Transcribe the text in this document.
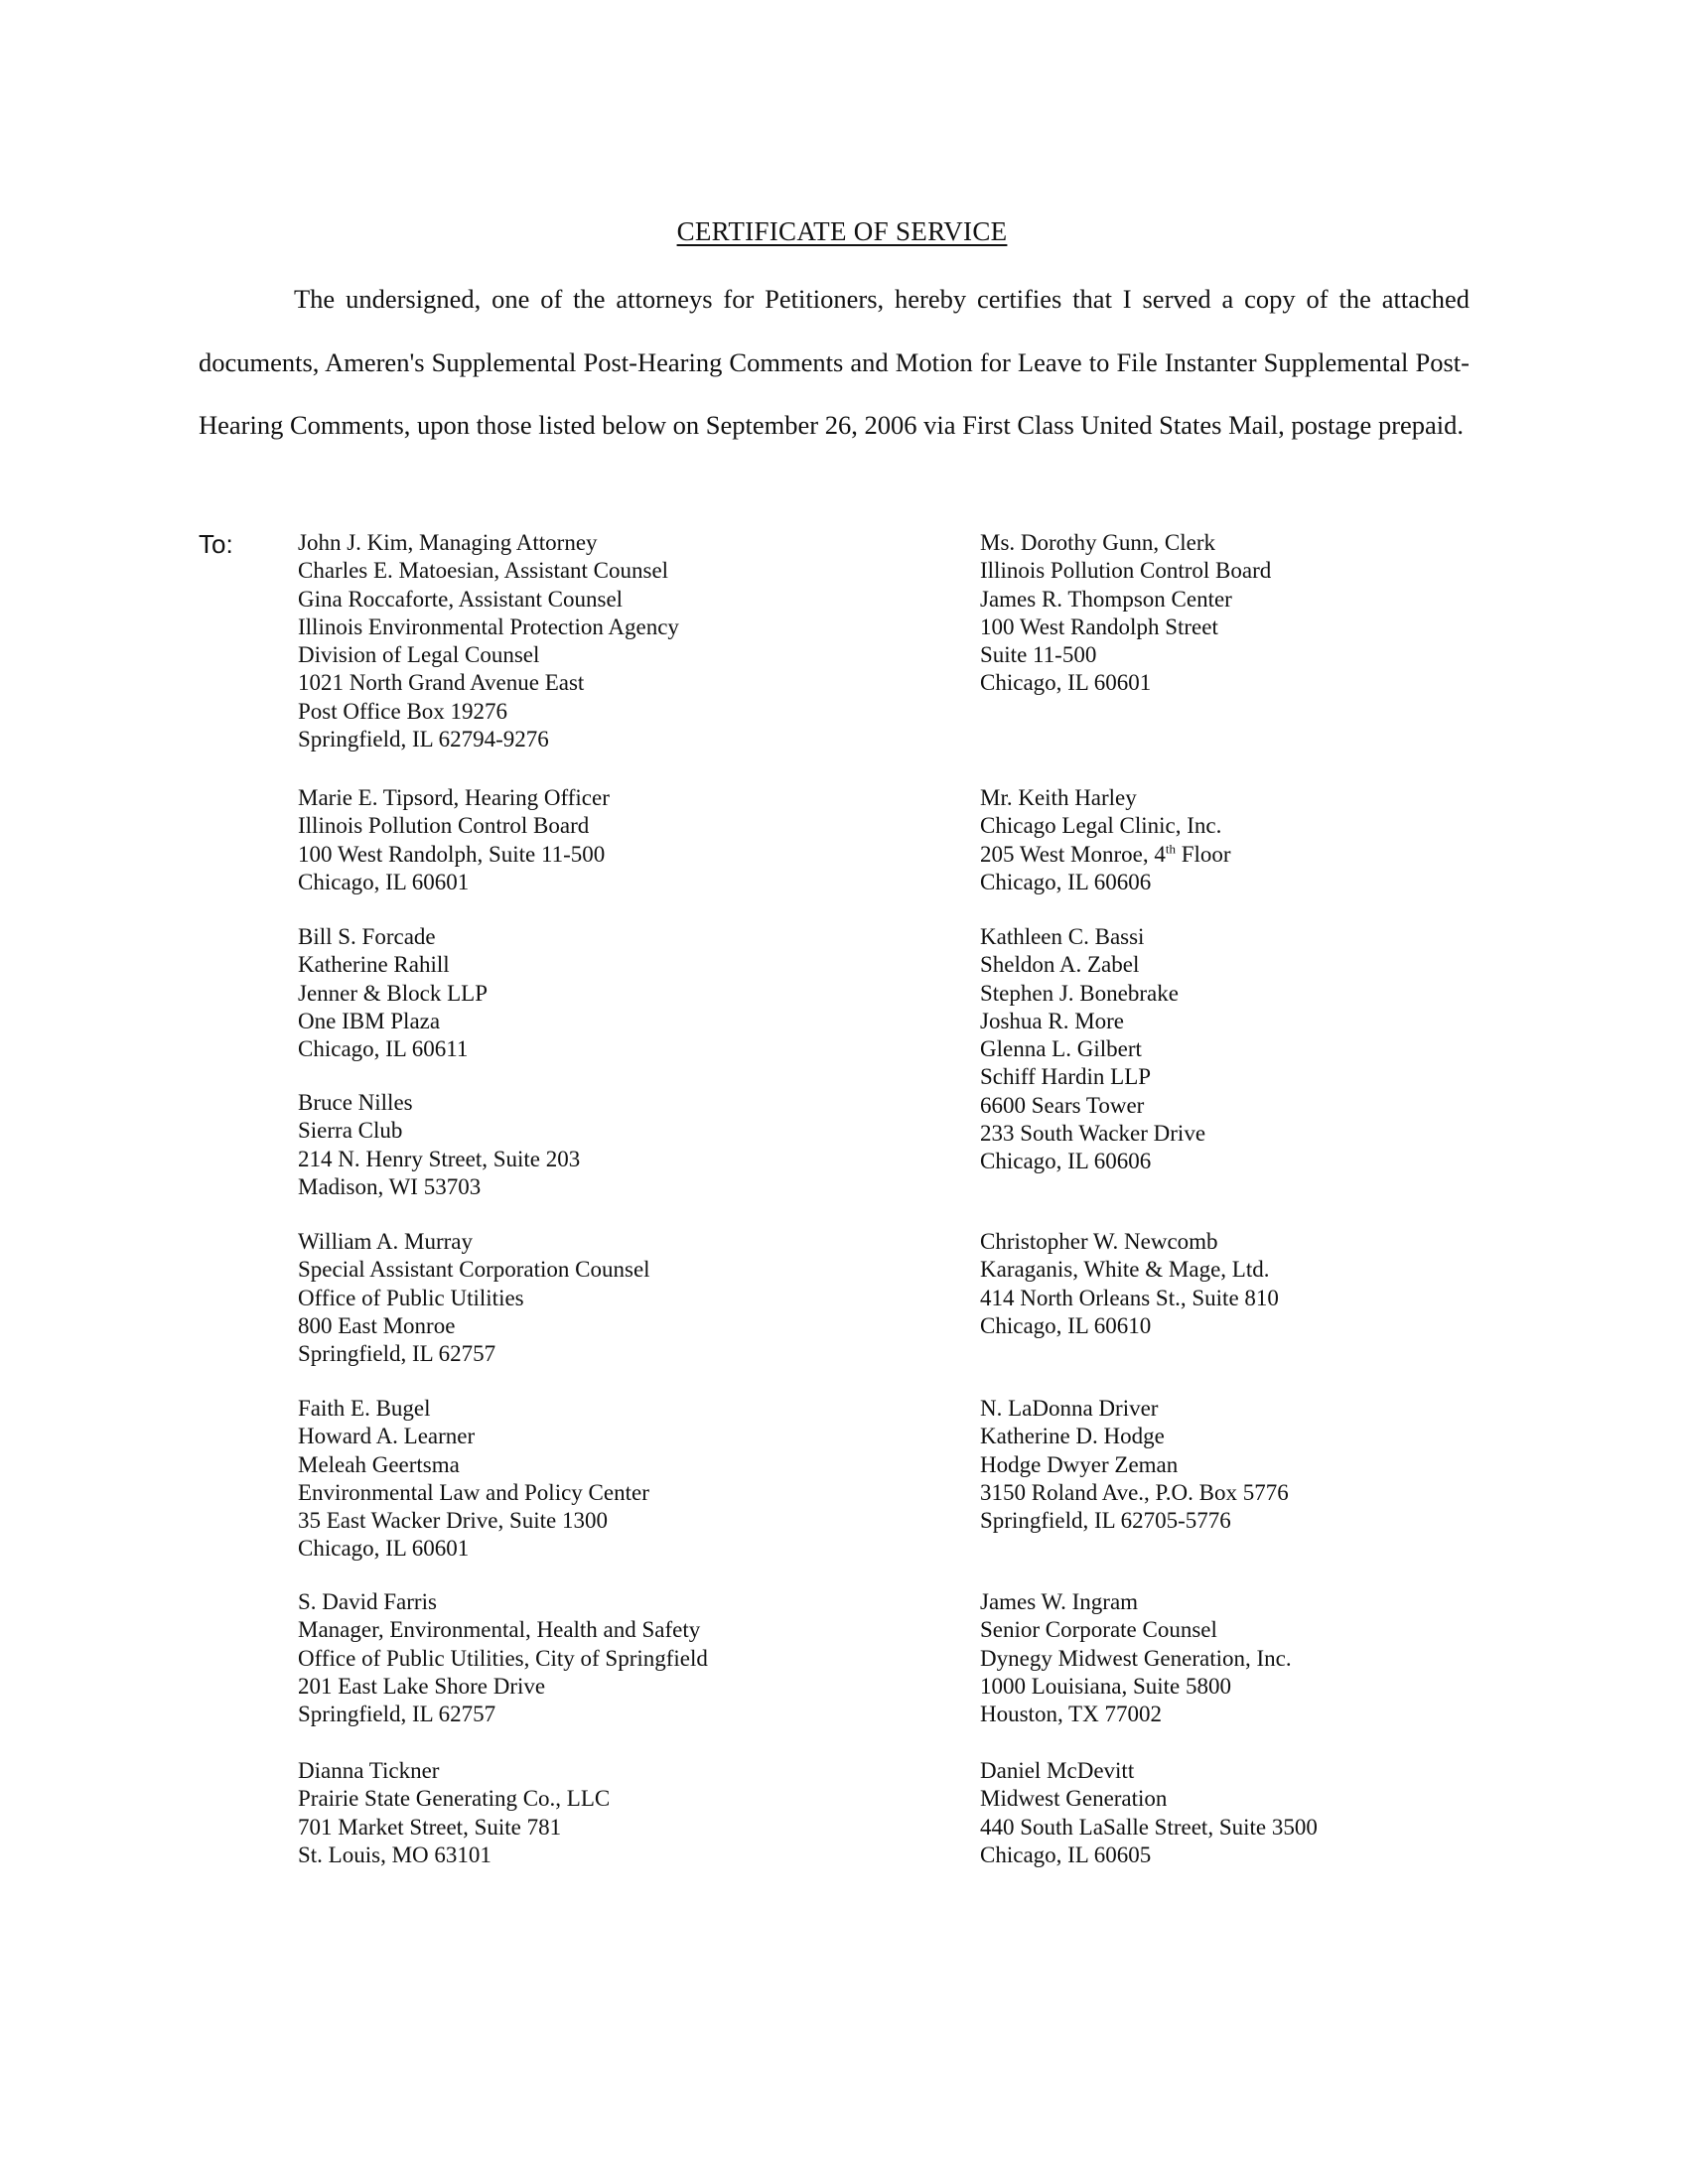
CERTIFICATE OF SERVICE

The undersigned, one of the attorneys for Petitioners, hereby certifies that I served a copy of the attached documents, Ameren's Supplemental Post-Hearing Comments and Motion for Leave to File Instanter Supplemental Post-Hearing Comments, upon those listed below on September 26, 2006 via First Class United States Mail, postage prepaid.

To:	John J. Kim, Managing Attorney
Charles E. Matoesian, Assistant Counsel
Gina Roccaforte, Assistant Counsel
Illinois Environmental Protection Agency
Division of Legal Counsel
1021 North Grand Avenue East
Post Office Box 19276
Springfield, IL 62794-9276
Marie E. Tipsord, Hearing Officer
Illinois Pollution Control Board
100 West Randolph, Suite 11-500
Chicago, IL 60601
Bill S. Forcade
Katherine Rahill
Jenner & Block LLP
One IBM Plaza
Chicago, IL 60611
Bruce Nilles
Sierra Club
214 N. Henry Street, Suite 203
Madison, WI 53703
William A. Murray
Special Assistant Corporation Counsel
Office of Public Utilities
800 East Monroe
Springfield, IL 62757
Faith E. Bugel
Howard A. Learner
Meleah Geertsma
Environmental Law and Policy Center
35 East Wacker Drive, Suite 1300
Chicago, IL 60601
S. David Farris
Manager, Environmental, Health and Safety
Office of Public Utilities, City of Springfield
201 East Lake Shore Drive
Springfield, IL 62757
Dianna Tickner
Prairie State Generating Co., LLC
701 Market Street, Suite 781
St. Louis, MO 63101
Ms. Dorothy Gunn, Clerk
Illinois Pollution Control Board
James R. Thompson Center
100 West Randolph Street
Suite 11-500
Chicago, IL 60601
Mr. Keith Harley
Chicago Legal Clinic, Inc.
205 West Monroe, 4th Floor
Chicago, IL 60606
Kathleen C. Bassi
Sheldon A. Zabel
Stephen J. Bonebrake
Joshua R. More
Glenna L. Gilbert
Schiff Hardin LLP
6600 Sears Tower
233 South Wacker Drive
Chicago, IL 60606
Christopher W. Newcomb
Karaganis, White & Mage, Ltd.
414 North Orleans St., Suite 810
Chicago, IL 60610
N. LaDonna Driver
Katherine D. Hodge
Hodge Dwyer Zeman
3150 Roland Ave., P.O. Box 5776
Springfield, IL 62705-5776
James W. Ingram
Senior Corporate Counsel
Dynegy Midwest Generation, Inc.
1000 Louisiana, Suite 5800
Houston, TX 77002
Daniel McDevitt
Midwest Generation
440 South LaSalle Street, Suite 3500
Chicago, IL 60605
